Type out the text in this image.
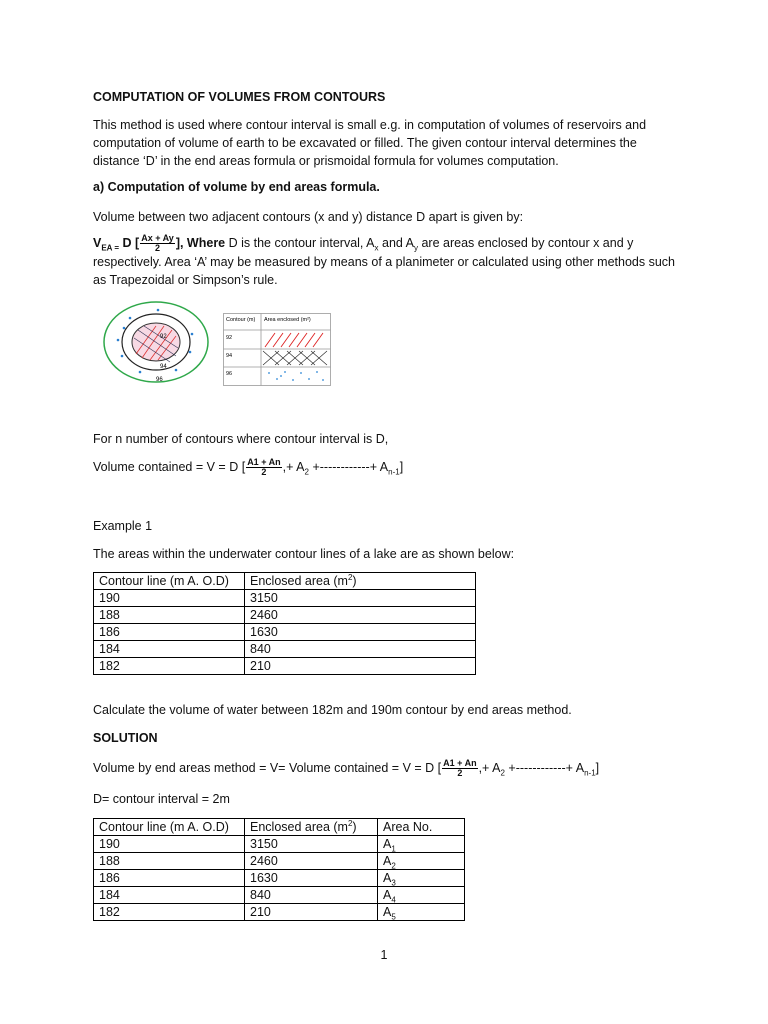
COMPUTATION OF VOLUMES FROM CONTOURS
This method is used where contour interval is small e.g. in computation of volumes of reservoirs and computation of volume of earth to be excavated or filled. The given contour interval determines the distance ‘D’ in the end areas formula or prismoidal formula for volumes computation.
a) Computation of volume by end areas formula.
Volume between two adjacent contours (x and y) distance D apart is given by:
$V_{EA =}$ D [ $\frac{Ax + Ay}{2}$ ], Where D is the contour interval, $A_x$ and $A_y$ are areas enclosed by contour x and y respectively. Area ‘A’ may be measured by means of a planimeter or calculated using other methods such as Trapezoidal or Simpson’s rule.
92
94
96
Contour (m) Area enclosed (m²)
92
94
96
For n number of contours where contour interval is D,
Volume contained = V = D [ $\frac{A1 + An}{2}$ ,+ $A_2$ +------------+ $A_{n-1}$]
Example 1
The areas within the underwater contour lines of a lake are as shown below:
Contour line (m A. O.D)	Enclosed area $(m^2)$
190	3150
188	2460
186	1630
184	840
182	210
Calculate the volume of water between 182m and 190m contour by end areas method.
SOLUTION
Volume by end areas method = V= Volume contained = V = D [ $\frac{A1 + An}{2}$ ,+ $A_2$ +------------+ $A_{n-1}$]
D= contour interval = 2m
Contour line (m A. O.D)	Enclosed area $(m^2)$	Area No.
190	3150	$A_1$
188	2460	$A_2$
186	1630	$A_3$
184	840	$A_4$
182	210	$A_5$
1
